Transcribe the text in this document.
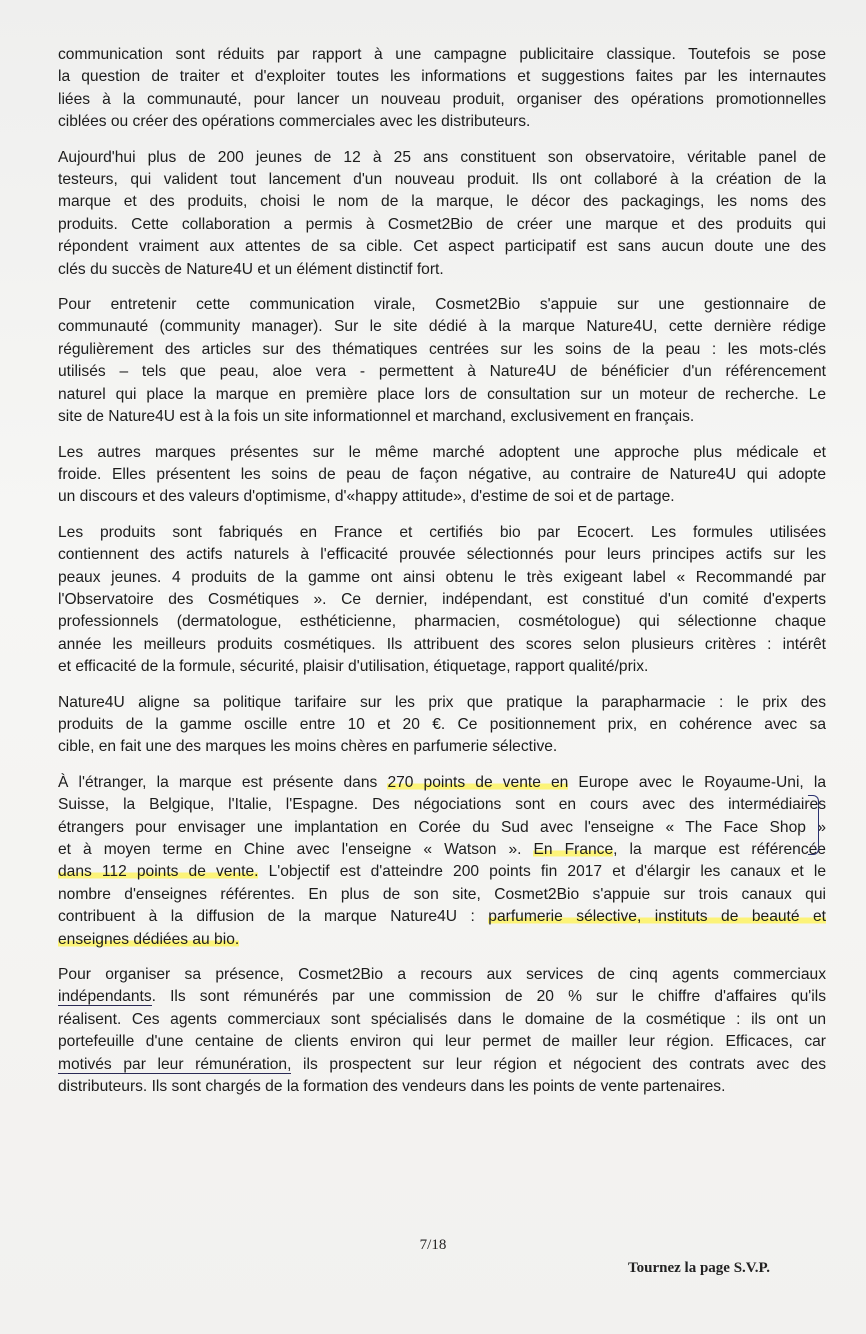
communication sont réduits par rapport à une campagne publicitaire classique. Toutefois se pose
la question de traiter et d'exploiter toutes les informations et suggestions faites par les internautes
liées à la communauté, pour lancer un nouveau produit, organiser des opérations promotionnelles
ciblées ou créer des opérations commerciales avec les distributeurs.
Aujourd'hui plus de 200 jeunes de 12 à 25 ans constituent son observatoire, véritable panel de
testeurs, qui valident tout lancement d'un nouveau produit. Ils ont collaboré à la création de la
marque et des produits, choisi le nom de la marque, le décor des packagings, les noms des
produits. Cette collaboration a permis à Cosmet2Bio de créer une marque et des produits qui
répondent vraiment aux attentes de sa cible. Cet aspect participatif est sans aucun doute une des
clés du succès de Nature4U et un élément distinctif fort.
Pour entretenir cette communication virale, Cosmet2Bio s'appuie sur une gestionnaire de
communauté (community manager). Sur le site dédié à la marque Nature4U, cette dernière rédige
régulièrement des articles sur des thématiques centrées sur les soins de la peau : les mots-clés
utilisés – tels que peau, aloe vera - permettent à Nature4U de bénéficier d'un référencement
naturel qui place la marque en première place lors de consultation sur un moteur de recherche. Le
site de Nature4U est à la fois un site informationnel et marchand, exclusivement en français.
Les autres marques présentes sur le même marché adoptent une approche plus médicale et
froide. Elles présentent les soins de peau de façon négative, au contraire de Nature4U qui adopte
un discours et des valeurs d'optimisme, d'«happy attitude», d'estime de soi et de partage.
Les produits sont fabriqués en France et certifiés bio par Ecocert. Les formules utilisées
contiennent des actifs naturels à l'efficacité prouvée sélectionnés pour leurs principes actifs sur les
peaux jeunes. 4 produits de la gamme ont ainsi obtenu le très exigeant label « Recommandé par
l'Observatoire des Cosmétiques ». Ce dernier, indépendant, est constitué d'un comité d'experts
professionnels (dermatologue, esthéticienne, pharmacien, cosmétologue) qui sélectionne chaque
année les meilleurs produits cosmétiques. Ils attribuent des scores selon plusieurs critères : intérêt
et efficacité de la formule, sécurité, plaisir d'utilisation, étiquetage, rapport qualité/prix.
Nature4U aligne sa politique tarifaire sur les prix que pratique la parapharmacie : le prix des
produits de la gamme oscille entre 10 et 20 €. Ce positionnement prix, en cohérence avec sa
cible, en fait une des marques les moins chères en parfumerie sélective.
À l'étranger, la marque est présente dans 270 points de vente en Europe avec le Royaume-Uni, la
Suisse, la Belgique, l'Italie, l'Espagne. Des négociations sont en cours avec des intermédiaires
étrangers pour envisager une implantation en Corée du Sud avec l'enseigne « The Face Shop »
et à moyen terme en Chine avec l'enseigne « Watson ». En France, la marque est référencée
dans 112 points de vente. L'objectif est d'atteindre 200 points fin 2017 et d'élargir les canaux et le
nombre d'enseignes référentes. En plus de son site, Cosmet2Bio s'appuie sur trois canaux qui
contribuent à la diffusion de la marque Nature4U : parfumerie sélective, instituts de beauté et
enseignes dédiées au bio.
Pour organiser sa présence, Cosmet2Bio a recours aux services de cinq agents commerciaux
indépendants. Ils sont rémunérés par une commission de 20 % sur le chiffre d'affaires qu'ils
réalisent. Ces agents commerciaux sont spécialisés dans le domaine de la cosmétique : ils ont un
portefeuille d'une centaine de clients environ qui leur permet de mailler leur région. Efficaces, car
motivés par leur rémunération, ils prospectent sur leur région et négocient des contrats avec des
distributeurs. Ils sont chargés de la formation des vendeurs dans les points de vente partenaires.
7/18
Tournez la page S.V.P.
